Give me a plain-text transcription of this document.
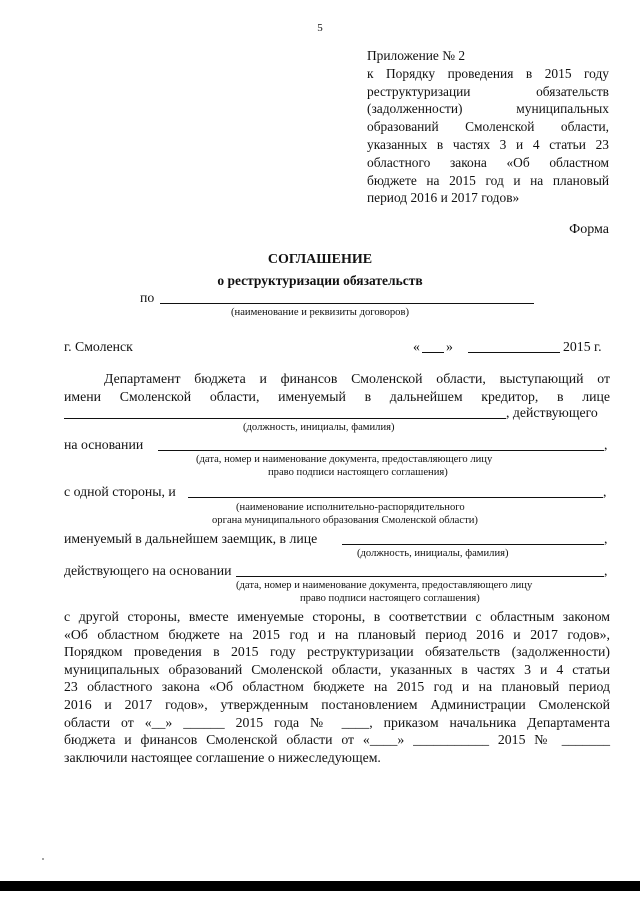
5
Приложение № 2
к Порядку проведения в 2015 году
реструктуризации обязательств
(задолженности) муниципальных
образований Смоленской области,
указанных в частях 3 и 4 статьи 23
областного закона «Об областном
бюджете на 2015 год и на плановый
период 2016 и 2017 годов»
Форма
СОГЛАШЕНИЕ
о реструктуризации обязательств
по
(наименование и реквизиты договоров)
г. Смоленск	« »	2015 г.
Департамент бюджета и финансов Смоленской области, выступающий от
имени Смоленской области, именуемый в дальнейшем кредитор, в лице
, действующего
(должность, инициалы, фамилия)
на основании	,
(дата, номер и наименование документа, предоставляющего лицу
право подписи настоящего соглашения)
с одной стороны, и	,
(наименование исполнительно-распорядительного
органа муниципального образования Смоленской области)
именуемый в дальнейшем заемщик, в лице	,
(должность, инициалы, фамилия)
действующего на основании	,
(дата, номер и наименование документа, предоставляющего лицу
право подписи настоящего соглашения)
с другой стороны, вместе именуемые стороны, в соответствии с областным законом
«Об областном бюджете на 2015 год и на плановый период 2016 и 2017 годов»,
Порядком проведения в 2015 году реструктуризации обязательств (задолженности)
муниципальных образований Смоленской области, указанных в частях 3 и 4 статьи
23 областного закона «Об областном бюджете на 2015 год и на плановый период
2016 и 2017 годов», утвержденным постановлением Администрации Смоленской
области от «__» ______ 2015 года № ____, приказом начальника Департамента
бюджета и финансов Смоленской области от «____» ___________ 2015 № _______
заключили настоящее соглашение о нижеследующем.
